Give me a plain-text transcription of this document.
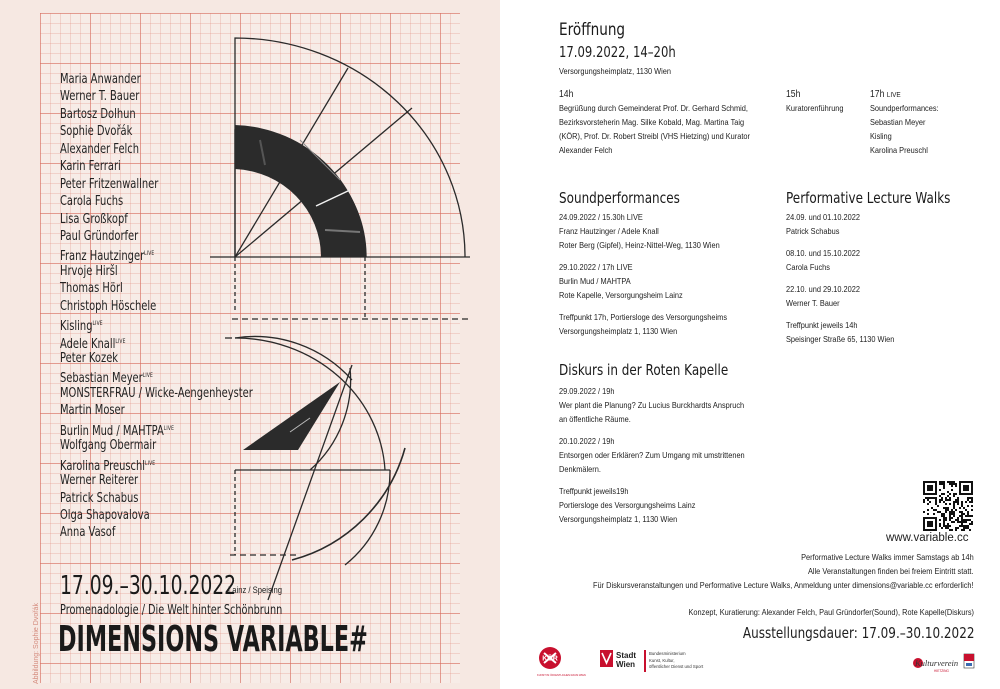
Maria Anwander
Werner T. Bauer
Bartosz Dolhun
Sophie Dvořák
Alexander Felch
Karin Ferrari
Peter Fritzenwallner
Carola Fuchs
Lisa Großkopf
Paul Gründorfer
Franz Hautzinger$^{LIVE}$
Hrvoje Hiršl
Thomas Hörl
Christoph Höschele
Kisling$^{LIVE}$
Adele Knall$^{LIVE}$
Peter Kozek
Sebastian Meyer$^{LIVE}$
MONSTERFRAU / Wicke-Aengenheyster
Martin Moser
Burlin Mud / $MAHTPA^{LIVE}$
Wolfgang Obermair
Karolina Preuschl$^{LIVE}$
Werner Reiterer
Patrick Schabus
Olga Shapovalova
Anna Vasof
Abbildung: Sophie Dvořák
17.09.–30.10.2022
Lainz / Speising
Promenadologie / Die Welt hinter Schönbrunn
DIMENSIONS VARIABLE#
Eröffnung
17.09.2022, 14–20h
Versorgungsheimplatz, 1130 Wien
14h
Begrüßung durch Gemeinderat Prof. Dr. Gerhard Schmid,
Bezirksvorsteherin Mag. Silke Kobald, Mag. Martina Taig
(KÖR), Prof. Dr. Robert Streibl (VHS Hietzing) und Kurator
Alexander Felch
15h
Kuratorenführung
17h LIVE
Soundperformances:
Sebastian Meyer
Kisling
Karolina Preuschl
Soundperformances
24.09.2022 / 15.30h LIVE
Franz Hautzinger / Adele Knall
Roter Berg (Gipfel), Heinz-Nittel-Weg, 1130 Wien
29.10.2022 / 17h LIVE
Burlin Mud / MAHTPA
Rote Kapelle, Versorgungsheim Lainz
Treffpunkt 17h, Portiersloge des Versorgungsheims
Versorgungsheimplatz 1, 1130 Wien
Performative Lecture Walks
24.09. und 01.10.2022
Patrick Schabus
08.10. und 15.10.2022
Carola Fuchs
22.10. und 29.10.2022
Werner T. Bauer
Treffpunkt jeweils 14h
Speisinger Straße 65, 1130 Wien
Diskurs in der Roten Kapelle
29.09.2022 / 19h
Wer plant die Planung? Zu Lucius Burckhardts Anspruch
an öffentliche Räume.
20.10.2022 / 19h
Entsorgen oder Erklären? Zum Umgang mit umstrittenen
Denkmälern.
Treffpunkt jeweils19h
Portiersloge des Versorgungsheims Lainz
Versorgungsheimplatz 1, 1130 Wien
www.variable.cc
Performative Lecture Walks immer Samstags ab 14h
Alle Veranstaltungen finden bei freiem Eintritt statt.
Für Diskursveranstaltungen und Performative Lecture Walks, Anmeldung unter dimensions@variable.cc erforderlich!
Konzept, Kuratierung: Alexander Felch, Paul Gründorfer(Sound), Rote Kapelle(Diskurs)
Ausstellungsdauer: 17.09.–30.10.2022
KÖR
KUNST IM ÖFFENTLICHEN RAUM WIEN
Stadt
Wien
Bundesministerium
Kunst, Kultur,
öffentlicher Dienst und Sport	Kulturverein
HIETZING
